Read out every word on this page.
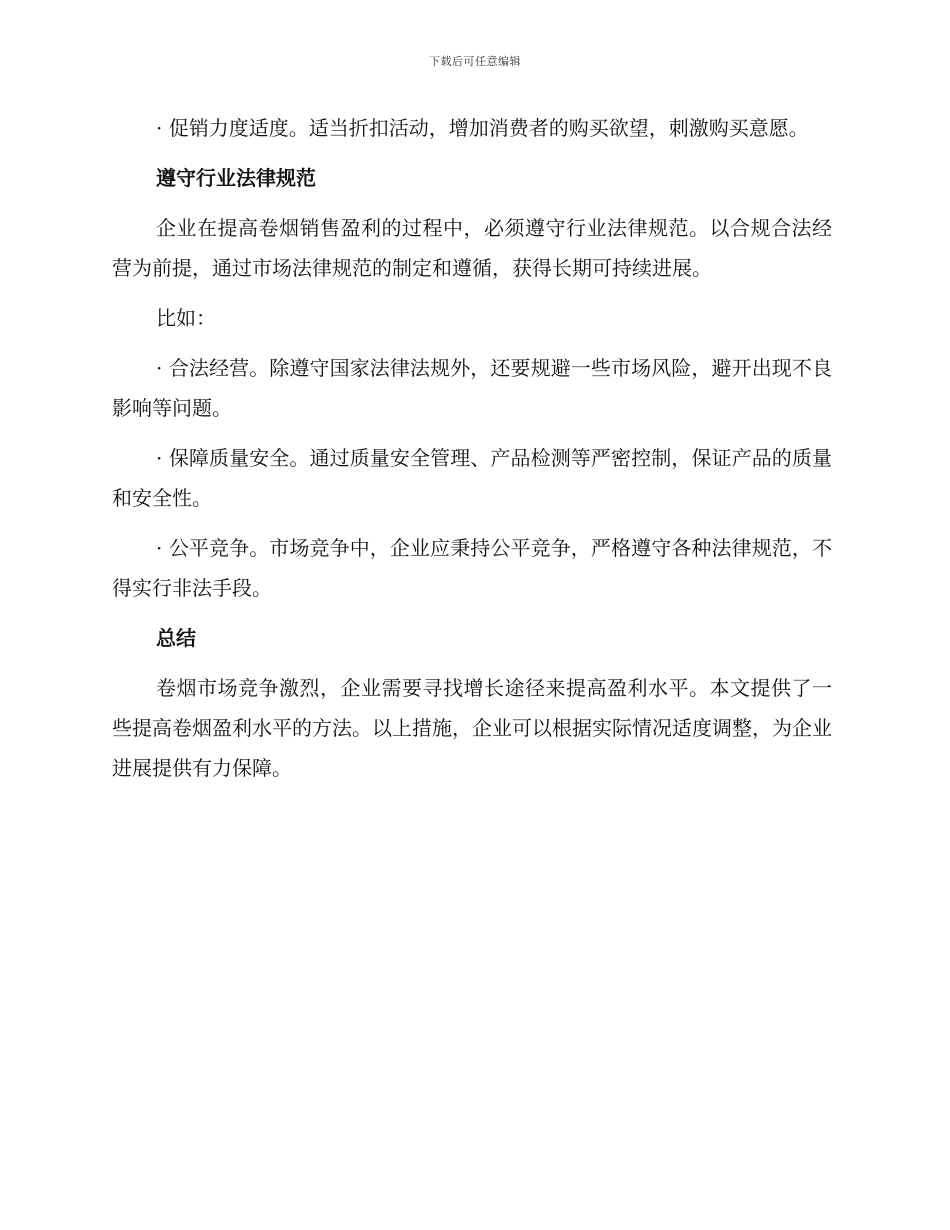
下载后可任意编辑

· 促销力度适度。适当折扣活动，增加消费者的购买欲望，刺激购买意愿。

遵守行业法律规范

企业在提高卷烟销售盈利的过程中，必须遵守行业法律规范。以合规合法经营为前提，通过市场法律规范的制定和遵循，获得长期可持续进展。

比如：

· 合法经营。除遵守国家法律法规外，还要规避一些市场风险，避开出现不良影响等问题。

· 保障质量安全。通过质量安全管理、产品检测等严密控制，保证产品的质量和安全性。

· 公平竞争。市场竞争中，企业应秉持公平竞争，严格遵守各种法律规范，不得实行非法手段。

总结

卷烟市场竞争激烈，企业需要寻找增长途径来提高盈利水平。本文提供了一些提高卷烟盈利水平的方法。以上措施，企业可以根据实际情况适度调整，为企业进展提供有力保障。
